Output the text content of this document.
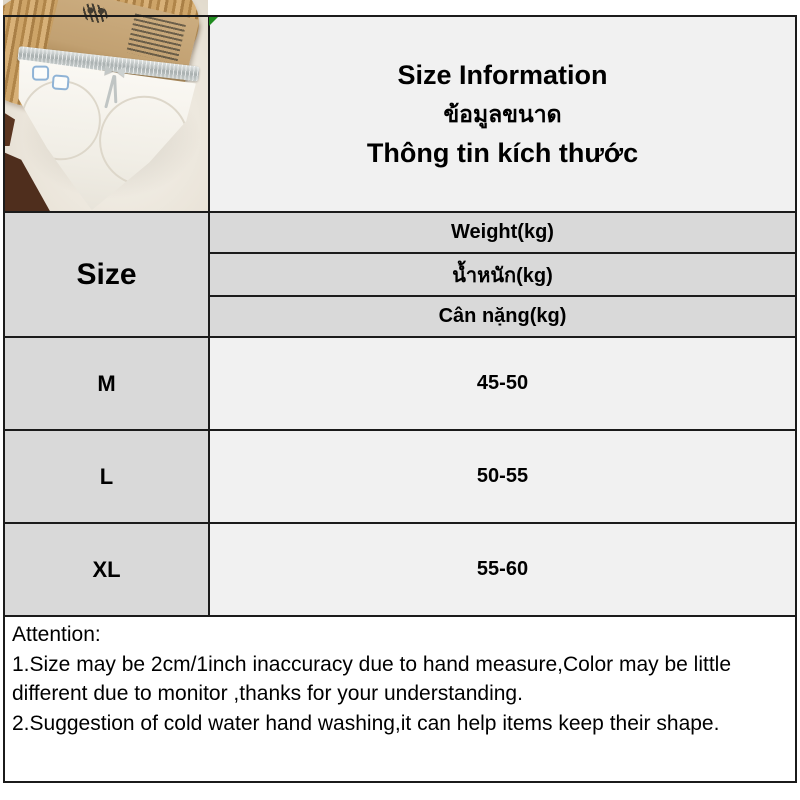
Size Information
ข้อมูลขนาด
Thông tin kích thước
Size
Weight(kg)
น้ำหนัก(kg)
Cân nặng(kg)
M	45-50
L	50-55
XL	55-60

Attention:

1.Size may be 2cm/1inch inaccuracy due to hand measure,Color may be little different due to monitor ,thanks for your understanding.

2.Suggestion of cold water hand washing,it can help items keep their shape.
